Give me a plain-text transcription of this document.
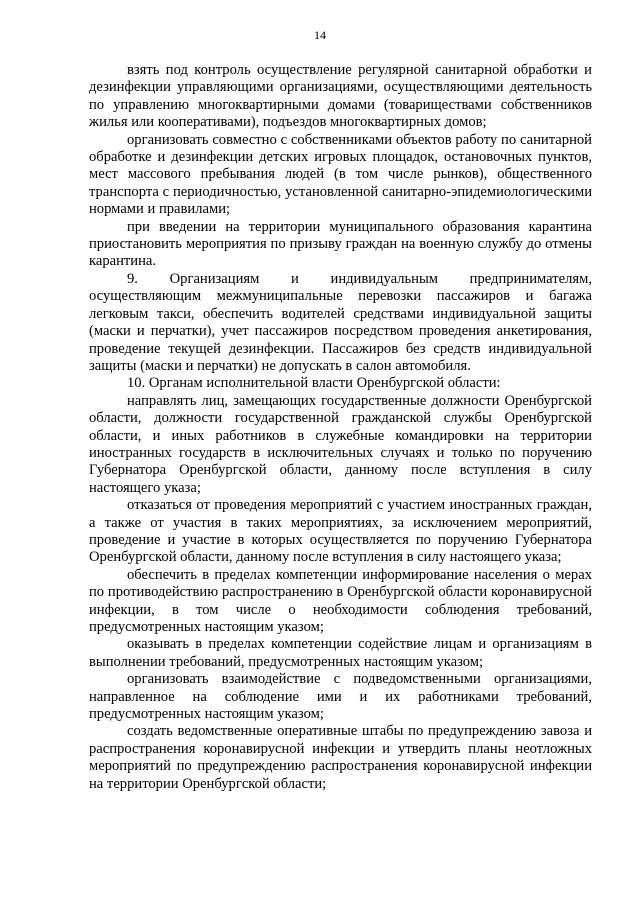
14

взять под контроль осуществление регулярной санитарной обработки и дезинфекции управляющими организациями, осуществляющими деятельность по управлению многоквартирными домами (товариществами собственников жилья или кооперативами), подъездов многоквартирных домов;

организовать совместно с собственниками объектов работу по санитарной обработке и дезинфекции детских игровых площадок, остановочных пунктов, мест массового пребывания людей (в том числе рынков), общественного транспорта с периодичностью, установленной санитарно-эпидемиологическими нормами и правилами;

при введении на территории муниципального образования карантина приостановить мероприятия по призыву граждан на военную службу до отмены карантина.

9. Организациям и индивидуальным предпринимателям, осуществляющим межмуниципальные перевозки пассажиров и багажа легковым такси, обеспечить водителей средствами индивидуальной защиты (маски и перчатки), учет пассажиров посредством проведения анкетирования, проведение текущей дезинфекции. Пассажиров без средств индивидуальной защиты (маски и перчатки) не допускать в салон автомобиля.

10. Органам исполнительной власти Оренбургской области:

направлять лиц, замещающих государственные должности Оренбургской области, должности государственной гражданской службы Оренбургской области, и иных работников в служебные командировки на территории иностранных государств в исключительных случаях и только по поручению Губернатора Оренбургской области, данному после вступления в силу настоящего указа;

отказаться от проведения мероприятий с участием иностранных граждан, а также от участия в таких мероприятиях, за исключением мероприятий, проведение и участие в которых осуществляется по поручению Губернатора Оренбургской области, данному после вступления в силу настоящего указа;

обеспечить в пределах компетенции информирование населения о мерах по противодействию распространению в Оренбургской области коронавирусной инфекции, в том числе о необходимости соблюдения требований, предусмотренных настоящим указом;

оказывать в пределах компетенции содействие лицам и организациям в выполнении требований, предусмотренных настоящим указом;

организовать взаимодействие с подведомственными организациями, направленное на соблюдение ими и их работниками требований, предусмотренных настоящим указом;

создать ведомственные оперативные штабы по предупреждению завоза и распространения коронавирусной инфекции и утвердить планы неотложных мероприятий по предупреждению распространения коронавирусной инфекции на территории Оренбургской области;
